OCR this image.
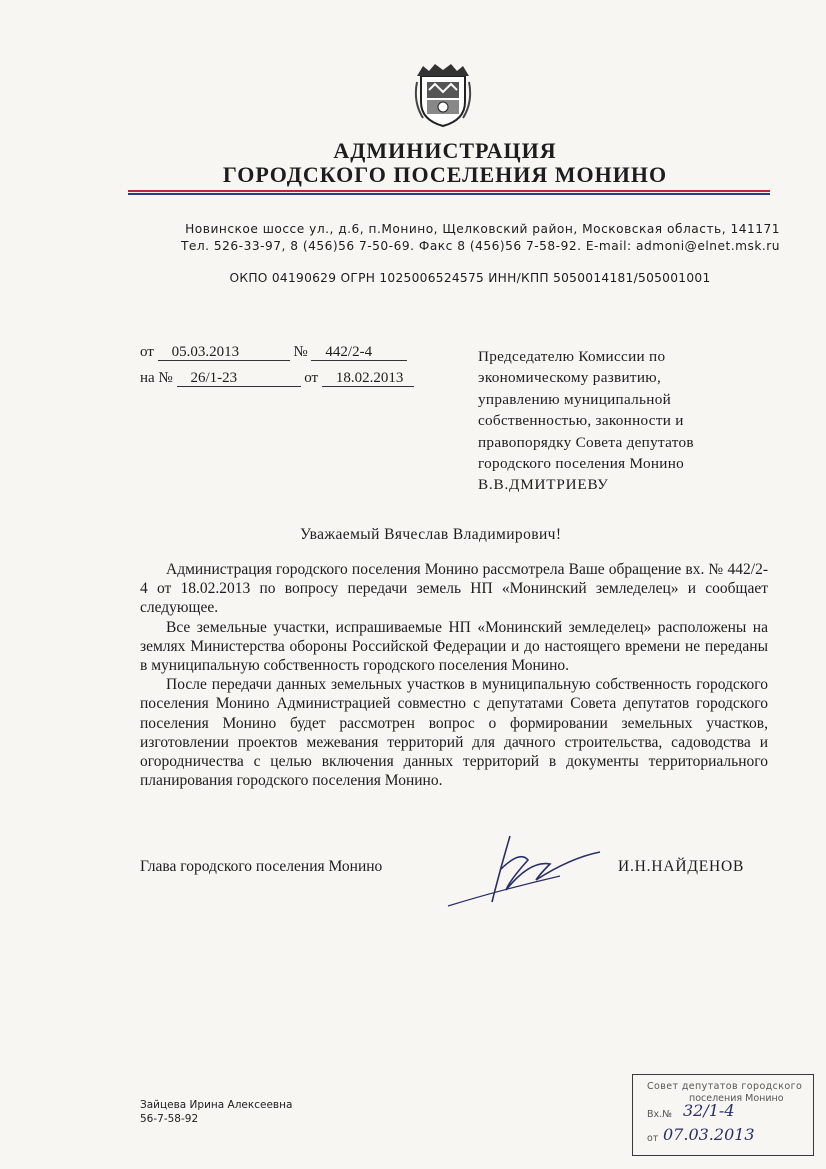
АДМИНИСТРАЦИЯ
ГОРОДСКОГО ПОСЕЛЕНИЯ МОНИНО

Новинское шоссе ул., д.6, п.Монино, Щелковский район, Московская область, 141171

Тел. 526-33-97, 8 (456)56 7-50-69. Факс 8 (456)56 7-58-92. E-mail: admoni@elnet.msk.ru

ОКПО 04190629 ОГРН 1025006524575 ИНН/КПП 5050014181/505001001

от 05.03.2013	№ 442/2-4
на № 26/1-23	от 18.02.2013
Председателю Комиссии по
экономическому развитию,
управлению муниципальной
собственностью, законности и
правопорядку Совета депутатов
городского поселения Монино
В.В.ДМИТРИЕВУ
Уважаемый Вячеслав Владимирович!

Администрация городского поселения Монино рассмотрела Ваше обращение вх. № 442/2-4 от 18.02.2013 по вопросу передачи земель НП «Монинский земледелец» и сообщает следующее.

Все земельные участки, испрашиваемые НП «Монинский земледелец» расположены на землях Министерства обороны Российской Федерации и до настоящего времени не переданы в муниципальную собственность городского поселения Монино.

После передачи данных земельных участков в муниципальную собственность городского поселения Монино Администрацией совместно с депутатами Совета депутатов городского поселения Монино будет рассмотрен вопрос о формировании земельных участков, изготовлении проектов межевания территорий для дачного строительства, садоводства и огородничества с целью включения данных территорий в документы территориального планирования городского поселения Монино.

Глава городского поселения Монино	И.Н.НАЙДЕНОВ
Зайцева Ирина Алексеевна
56-7-58-92
Совет депутатов городского
поселения Монино
Вх.№ 32/1-4
от 07.03.2013
